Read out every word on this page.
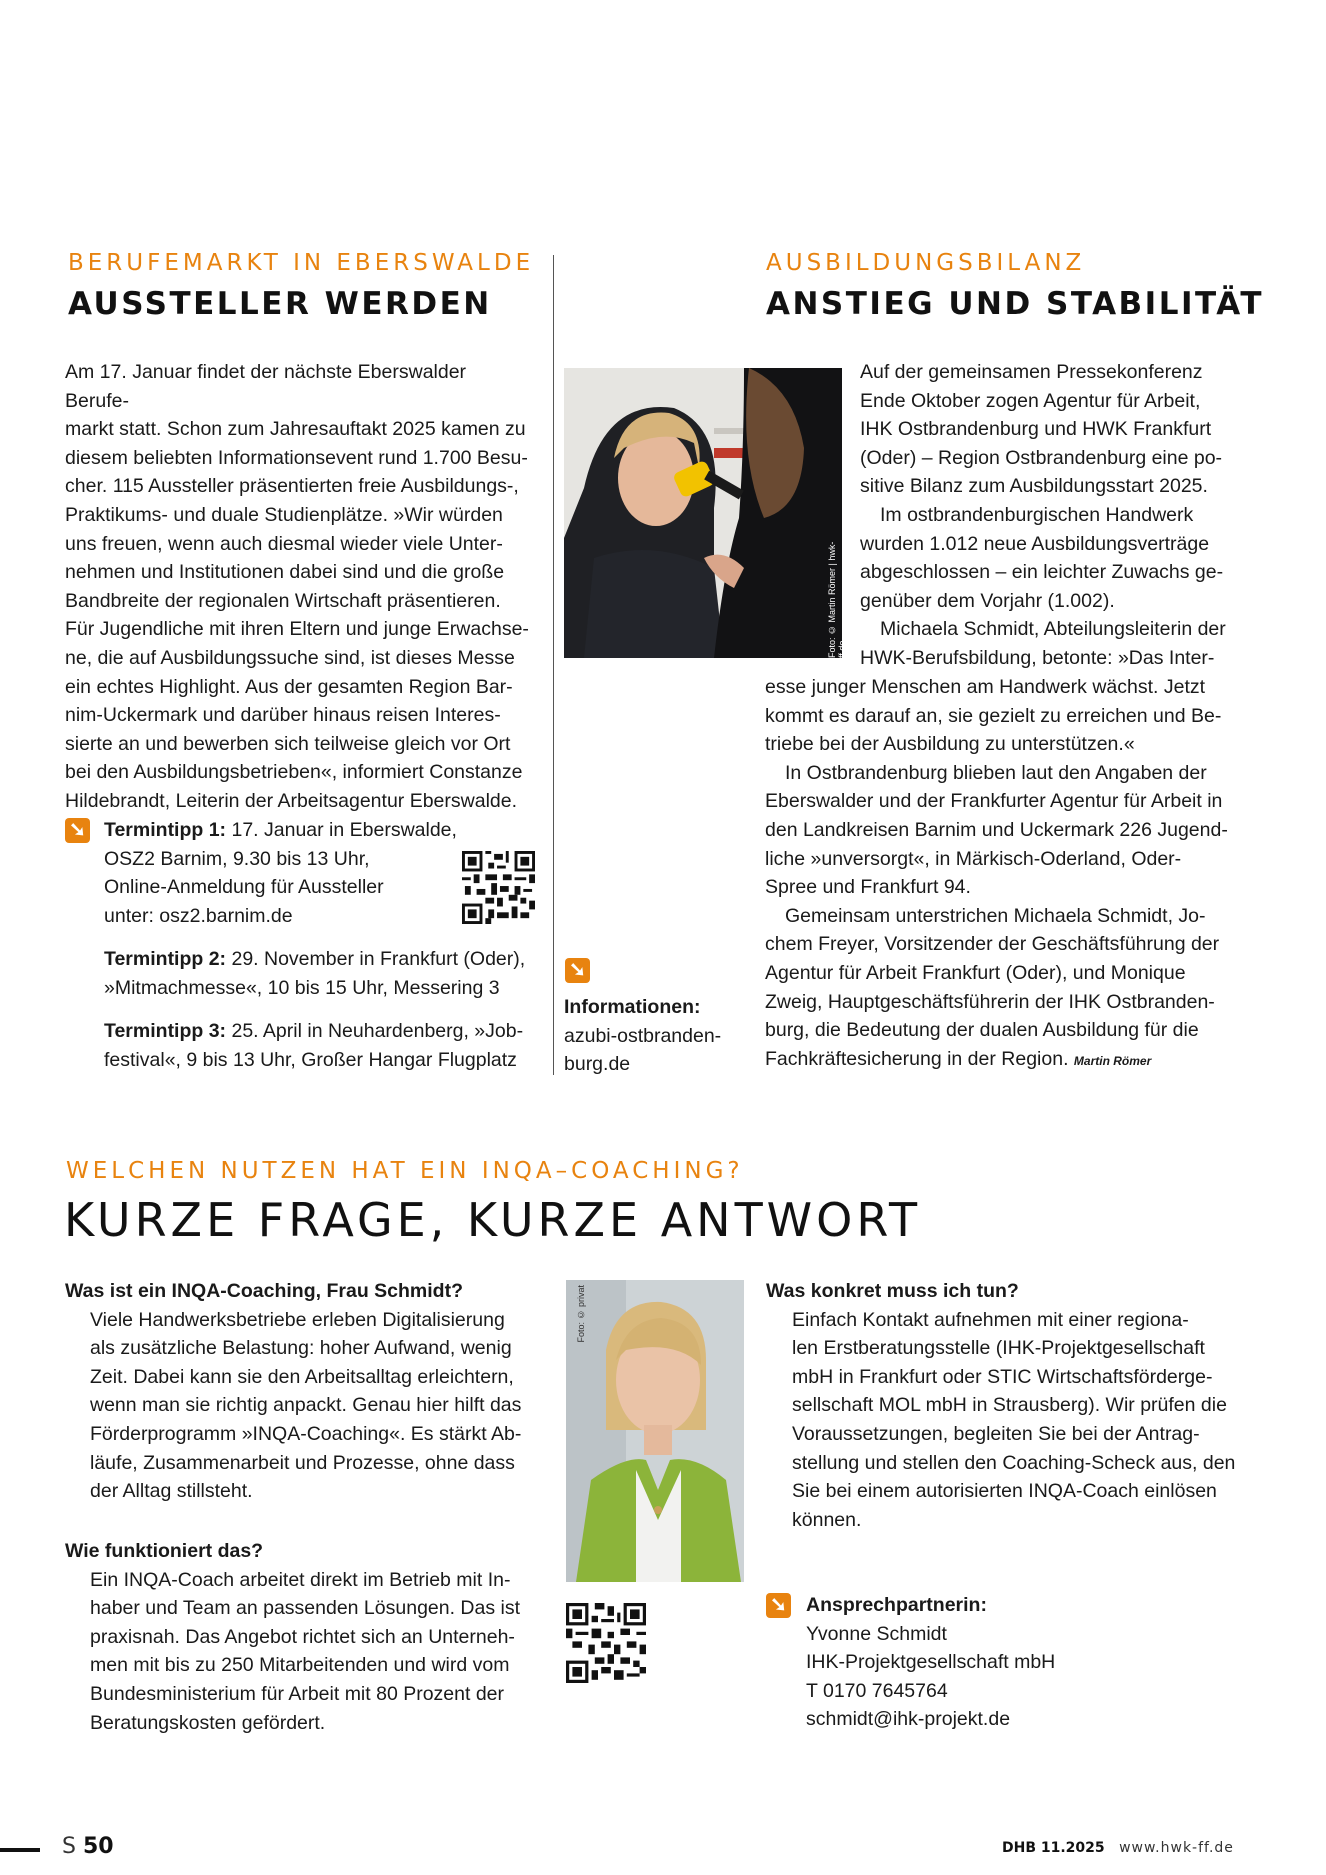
BERUFEMARKT IN EBERSWALDE
AUSSTELLER WERDEN

Am 17. Januar findet der nächste Eberswalder Berufe-

markt statt. Schon zum Jahresauftakt 2025 kamen zu

diesem beliebten Informationsevent rund 1.700 Besu-

cher. 115 Aussteller präsentierten freie Ausbildungs-,

Praktikums- und duale Studienplätze. »Wir würden

uns freuen, wenn auch diesmal wieder viele Unter-

nehmen und Institutionen dabei sind und die große

Bandbreite der regionalen Wirtschaft präsentieren.

Für Jugendliche mit ihren Eltern und junge Erwachse-

ne, die auf Ausbildungssuche sind, ist dieses Messe

ein echtes Highlight. Aus der gesamten Region Bar-

nim-Uckermark und darüber hinaus reisen Interes-

sierte an und bewerben sich teilweise gleich vor Ort

bei den Ausbildungsbetrieben«, informiert Constanze

Hildebrandt, Leiterin der Arbeitsagentur Eberswalde.

➘ Termintipp 1: 17. Januar in Eberswalde,

OSZ2 Barnim, 9.30 bis 13 Uhr,

Online-Anmeldung für Aussteller

unter: osz2.barnim.de

Termintipp 2: 29. November in Frankfurt (Oder),

»Mitmachmesse«, 10 bis 15 Uhr, Messering 3

Termintipp 3: 25. April in Neuhardenberg, »Job-

festival«, 9 bis 13 Uhr, Großer Hangar Flugplatz

AUSBILDUNGSBILANZ
ANSTIEG UND STABILITÄT
Foto: © Martin Römer | hwk-ff.de

Auf der gemeinsamen Pressekonferenz

Ende Oktober zogen Agentur für Arbeit,

IHK Ostbrandenburg und HWK Frankfurt

(Oder) – Region Ostbrandenburg eine po-

sitive Bilanz zum Ausbildungsstart 2025.

Im ostbrandenburgischen Handwerk

wurden 1.012 neue Ausbildungsverträge

abgeschlossen – ein leichter Zuwachs ge-

genüber dem Vorjahr (1.002).

Michaela Schmidt, Abteilungsleiterin der

HWK-Berufsbildung, betonte: »Das Inter-

esse junger Menschen am Handwerk wächst. Jetzt

kommt es darauf an, sie gezielt zu erreichen und Be-

triebe bei der Ausbildung zu unterstützen.«

In Ostbrandenburg blieben laut den Angaben der

Eberswalder und der Frankfurter Agentur für Arbeit in

den Landkreisen Barnim und Uckermark 226 Jugend-

liche »unversorgt«, in Märkisch-Oderland, Oder-

Spree und Frankfurt 94.

Gemeinsam unterstrichen Michaela Schmidt, Jo-

chem Freyer, Vorsitzender der Geschäftsführung der

Agentur für Arbeit Frankfurt (Oder), und Monique

Zweig, Hauptgeschäftsführerin der IHK Ostbranden-

burg, die Bedeutung der dualen Ausbildung für die

Fachkräftesicherung in der Region. Martin Römer

➘

Informationen:

azubi-ostbranden-

burg.de

WELCHEN NUTZEN HAT EIN INQA–COACHING?
KURZE FRAGE, KURZE ANTWORT

Was ist ein INQA-Coaching, Frau Schmidt?

Viele Handwerksbetriebe erleben Digitalisierung

als zusätzliche Belastung: hoher Aufwand, wenig

Zeit. Dabei kann sie den Arbeitsalltag erleichtern,

wenn man sie richtig anpackt. Genau hier hilft das

Förderprogramm »INQA-Coaching«. Es stärkt Ab-

läufe, Zusammenarbeit und Prozesse, ohne dass

der Alltag stillsteht.

Wie funktioniert das?

Ein INQA-Coach arbeitet direkt im Betrieb mit In-

haber und Team an passenden Lösungen. Das ist

praxisnah. Das Angebot richtet sich an Unterneh-

men mit bis zu 250 Mitarbeitenden und wird vom

Bundesministerium für Arbeit mit 80 Prozent der

Beratungskosten gefördert.

Foto: © privat	Was konkret muss ich tun?

Einfach Kontakt aufnehmen mit einer regiona-

len Erstberatungsstelle (IHK-Projektgesellschaft

mbH in Frankfurt oder STIC Wirtschaftsförderge-

sellschaft MOL mbH in Strausberg). Wir prüfen die

Voraussetzungen, begleiten Sie bei der Antrag-

stellung und stellen den Coaching-Scheck aus, den

Sie bei einem autorisierten INQA-Coach einlösen

können.

➘ Ansprechpartnerin:

Yvonne Schmidt

IHK-Projektgesellschaft mbH

T 0170 7645764

schmidt@ihk-projekt.de

S 50	DHB 11.2025 www.hwk-ff.de
